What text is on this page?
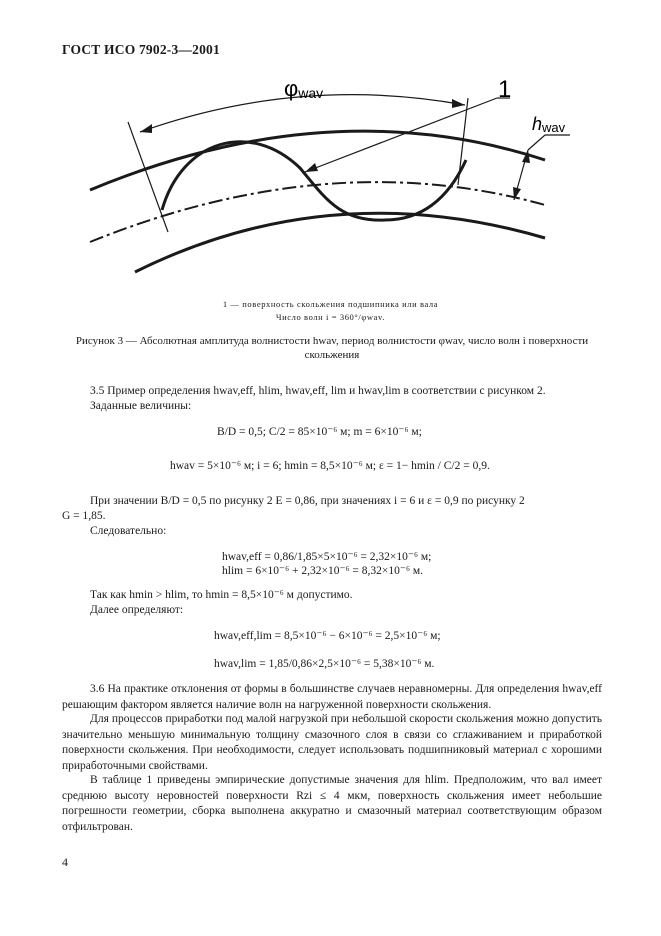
ГОСТ ИСО 7902-3—2001
φwav	1
hwav
1 — поверхность скольжения подшипника или вала
Число волн i = 360°/φwav.
Рисунок 3 — Абсолютная амплитуда волнистости hwav, период волнистости φwav, число волн i поверхности скольжения
3.5 Пример определения hwav,eff, hlim, hwav,eff, lim и hwav,lim в соответствии с рисунком 2.
Заданные величины:
B/D = 0,5; C/2 = 85×10⁻⁶ м; m = 6×10⁻⁶ м;
hwav = 5×10⁻⁶ м; i = 6; hmin = 8,5×10⁻⁶ м; ε = 1− hmin / C/2 = 0,9.
При значении B/D = 0,5 по рисунку 2 E = 0,86, при значениях i = 6 и ε = 0,9 по рисунку 2
G = 1,85.
Следовательно:
hwav,eff = 0,86/1,85×5×10⁻⁶ = 2,32×10⁻⁶ м;
hlim = 6×10⁻⁶ + 2,32×10⁻⁶ = 8,32×10⁻⁶ м.
Так как hmin > hlim, то hmin = 8,5×10⁻⁶ м допустимо.
Далее определяют:
hwav,eff,lim = 8,5×10⁻⁶ − 6×10⁻⁶ = 2,5×10⁻⁶ м;
hwav,lim = 1,85/0,86×2,5×10⁻⁶ = 5,38×10⁻⁶ м.
3.6 На практике отклонения от формы в большинстве случаев неравномерны. Для определения hwav,eff решающим фактором является наличие волн на нагруженной поверхности скольжения.
Для процессов приработки под малой нагрузкой при небольшой скорости скольжения можно допустить значительно меньшую минимальную толщину смазочного слоя в связи со сглаживанием и приработкой поверхности скольжения. При необходимости, следует использовать подшипниковый материал с хорошими приработочными свойствами.
В таблице 1 приведены эмпирические допустимые значения для hlim. Предположим, что вал имеет среднюю высоту неровностей поверхности Rzi ≤ 4 мкм, поверхность скольжения имеет небольшие погрешности геометрии, сборка выполнена аккуратно и смазочный материал соответствующим образом отфильтрован.
4
